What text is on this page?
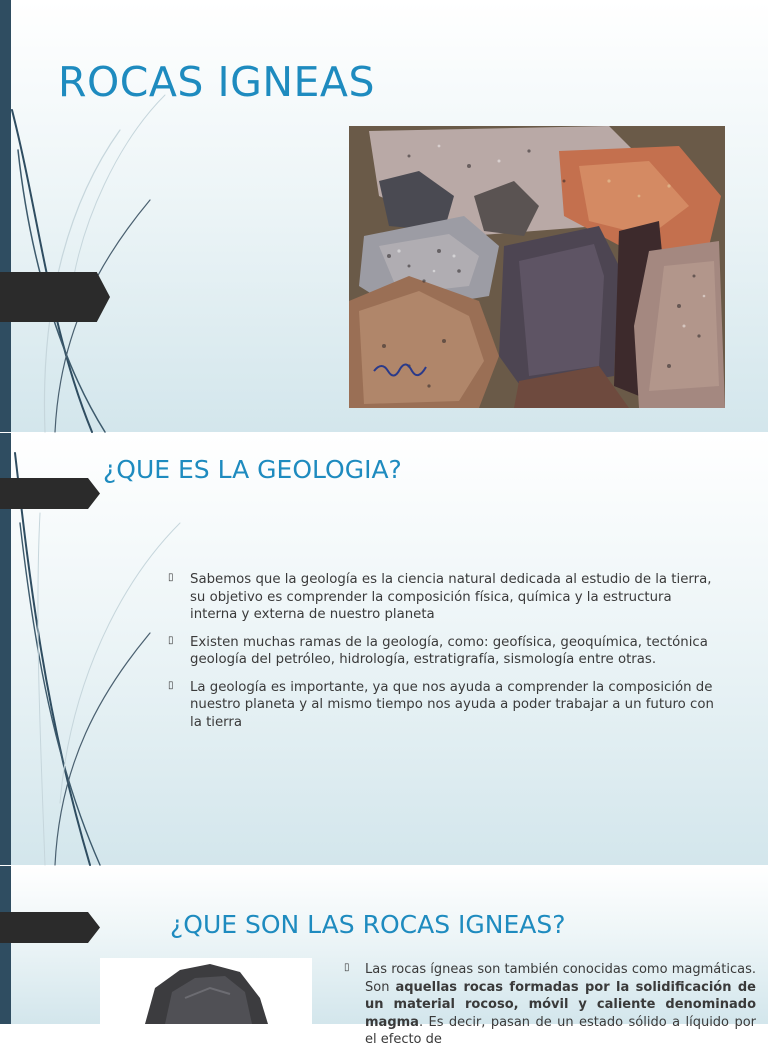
ROCAS IGNEAS
¿QUE ES LA GEOLOGIA?
▯ Sabemos que la geología es la ciencia natural dedicada al estudio de la tierra, su objetivo es comprender la composición física, química y la estructura interna y externa de nuestro planeta
▯ Existen muchas ramas de la geología, como: geofísica, geoquímica, tectónica geología del petróleo, hidrología, estratigrafía, sismología entre otras.
▯ La geología es importante, ya que nos ayuda a comprender la composición de nuestro planeta y al mismo tiempo nos ayuda a poder trabajar a un futuro con la tierra
¿QUE SON LAS ROCAS IGNEAS?

▯	Las rocas ígneas son también conocidas como magmáticas. Son aquellas rocas formadas por la solidificación de un material rocoso, móvil y caliente denominado magma. Es decir, pasan de un estado sólido a líquido por el efecto de
